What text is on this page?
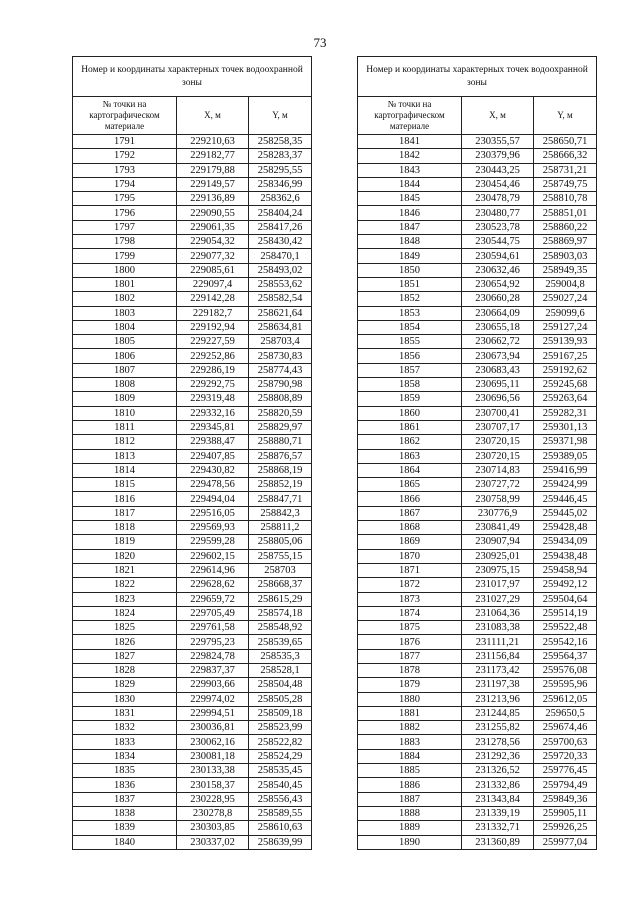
73
Номер и координаты характерных точек водоохранной зоны		
№ точки на картографическом материале	X, м	Y, м
1791	229210,63	258258,35
1792	229182,77	258283,37
1793	229179,88	258295,55
1794	229149,57	258346,99
1795	229136,89	258362,6
1796	229090,55	258404,24
1797	229061,35	258417,26
1798	229054,32	258430,42
1799	229077,32	258470,1
1800	229085,61	258493,02
1801	229097,4	258553,62
1802	229142,28	258582,54
1803	229182,7	258621,64
1804	229192,94	258634,81
1805	229227,59	258703,4
1806	229252,86	258730,83
1807	229286,19	258774,43
1808	229292,75	258790,98
1809	229319,48	258808,89
1810	229332,16	258820,59
1811	229345,81	258829,97
1812	229388,47	258880,71
1813	229407,85	258876,57
1814	229430,82	258868,19
1815	229478,56	258852,19
1816	229494,04	258847,71
1817	229516,05	258842,3
1818	229569,93	258811,2
1819	229599,28	258805,06
1820	229602,15	258755,15
1821	229614,96	258703
1822	229628,62	258668,37
1823	229659,72	258615,29
1824	229705,49	258574,18
1825	229761,58	258548,92
1826	229795,23	258539,65
1827	229824,78	258535,3
1828	229837,37	258528,1
1829	229903,66	258504,48
1830	229974,02	258505,28
1831	229994,51	258509,18
1832	230036,81	258523,99
1833	230062,16	258522,82
1834	230081,18	258524,29
1835	230133,38	258535,45
1836	230158,37	258540,45
1837	230228,95	258556,43
1838	230278,8	258589,55
1839	230303,85	258610,63
1840	230337,02	258639,99
Номер и координаты характерных точек водоохранной зоны		
№ точки на картографическом материале	X, м	Y, м
1841	230355,57	258650,71
1842	230379,96	258666,32
1843	230443,25	258731,21
1844	230454,46	258749,75
1845	230478,79	258810,78
1846	230480,77	258851,01
1847	230523,78	258860,22
1848	230544,75	258869,97
1849	230594,61	258903,03
1850	230632,46	258949,35
1851	230654,92	259004,8
1852	230660,28	259027,24
1853	230664,09	259099,6
1854	230655,18	259127,24
1855	230662,72	259139,93
1856	230673,94	259167,25
1857	230683,43	259192,62
1858	230695,11	259245,68
1859	230696,56	259263,64
1860	230700,41	259282,31
1861	230707,17	259301,13
1862	230720,15	259371,98
1863	230720,15	259389,05
1864	230714,83	259416,99
1865	230727,72	259424,99
1866	230758,99	259446,45
1867	230776,9	259445,02
1868	230841,49	259428,48
1869	230907,94	259434,09
1870	230925,01	259438,48
1871	230975,15	259458,94
1872	231017,97	259492,12
1873	231027,29	259504,64
1874	231064,36	259514,19
1875	231083,38	259522,48
1876	231111,21	259542,16
1877	231156,84	259564,37
1878	231173,42	259576,08
1879	231197,38	259595,96
1880	231213,96	259612,05
1881	231244,85	259650,5
1882	231255,82	259674,46
1883	231278,56	259700,63
1884	231292,36	259720,33
1885	231326,52	259776,45
1886	231332,86	259794,49
1887	231343,84	259849,36
1888	231339,19	259905,11
1889	231332,71	259926,25
1890	231360,89	259977,04
